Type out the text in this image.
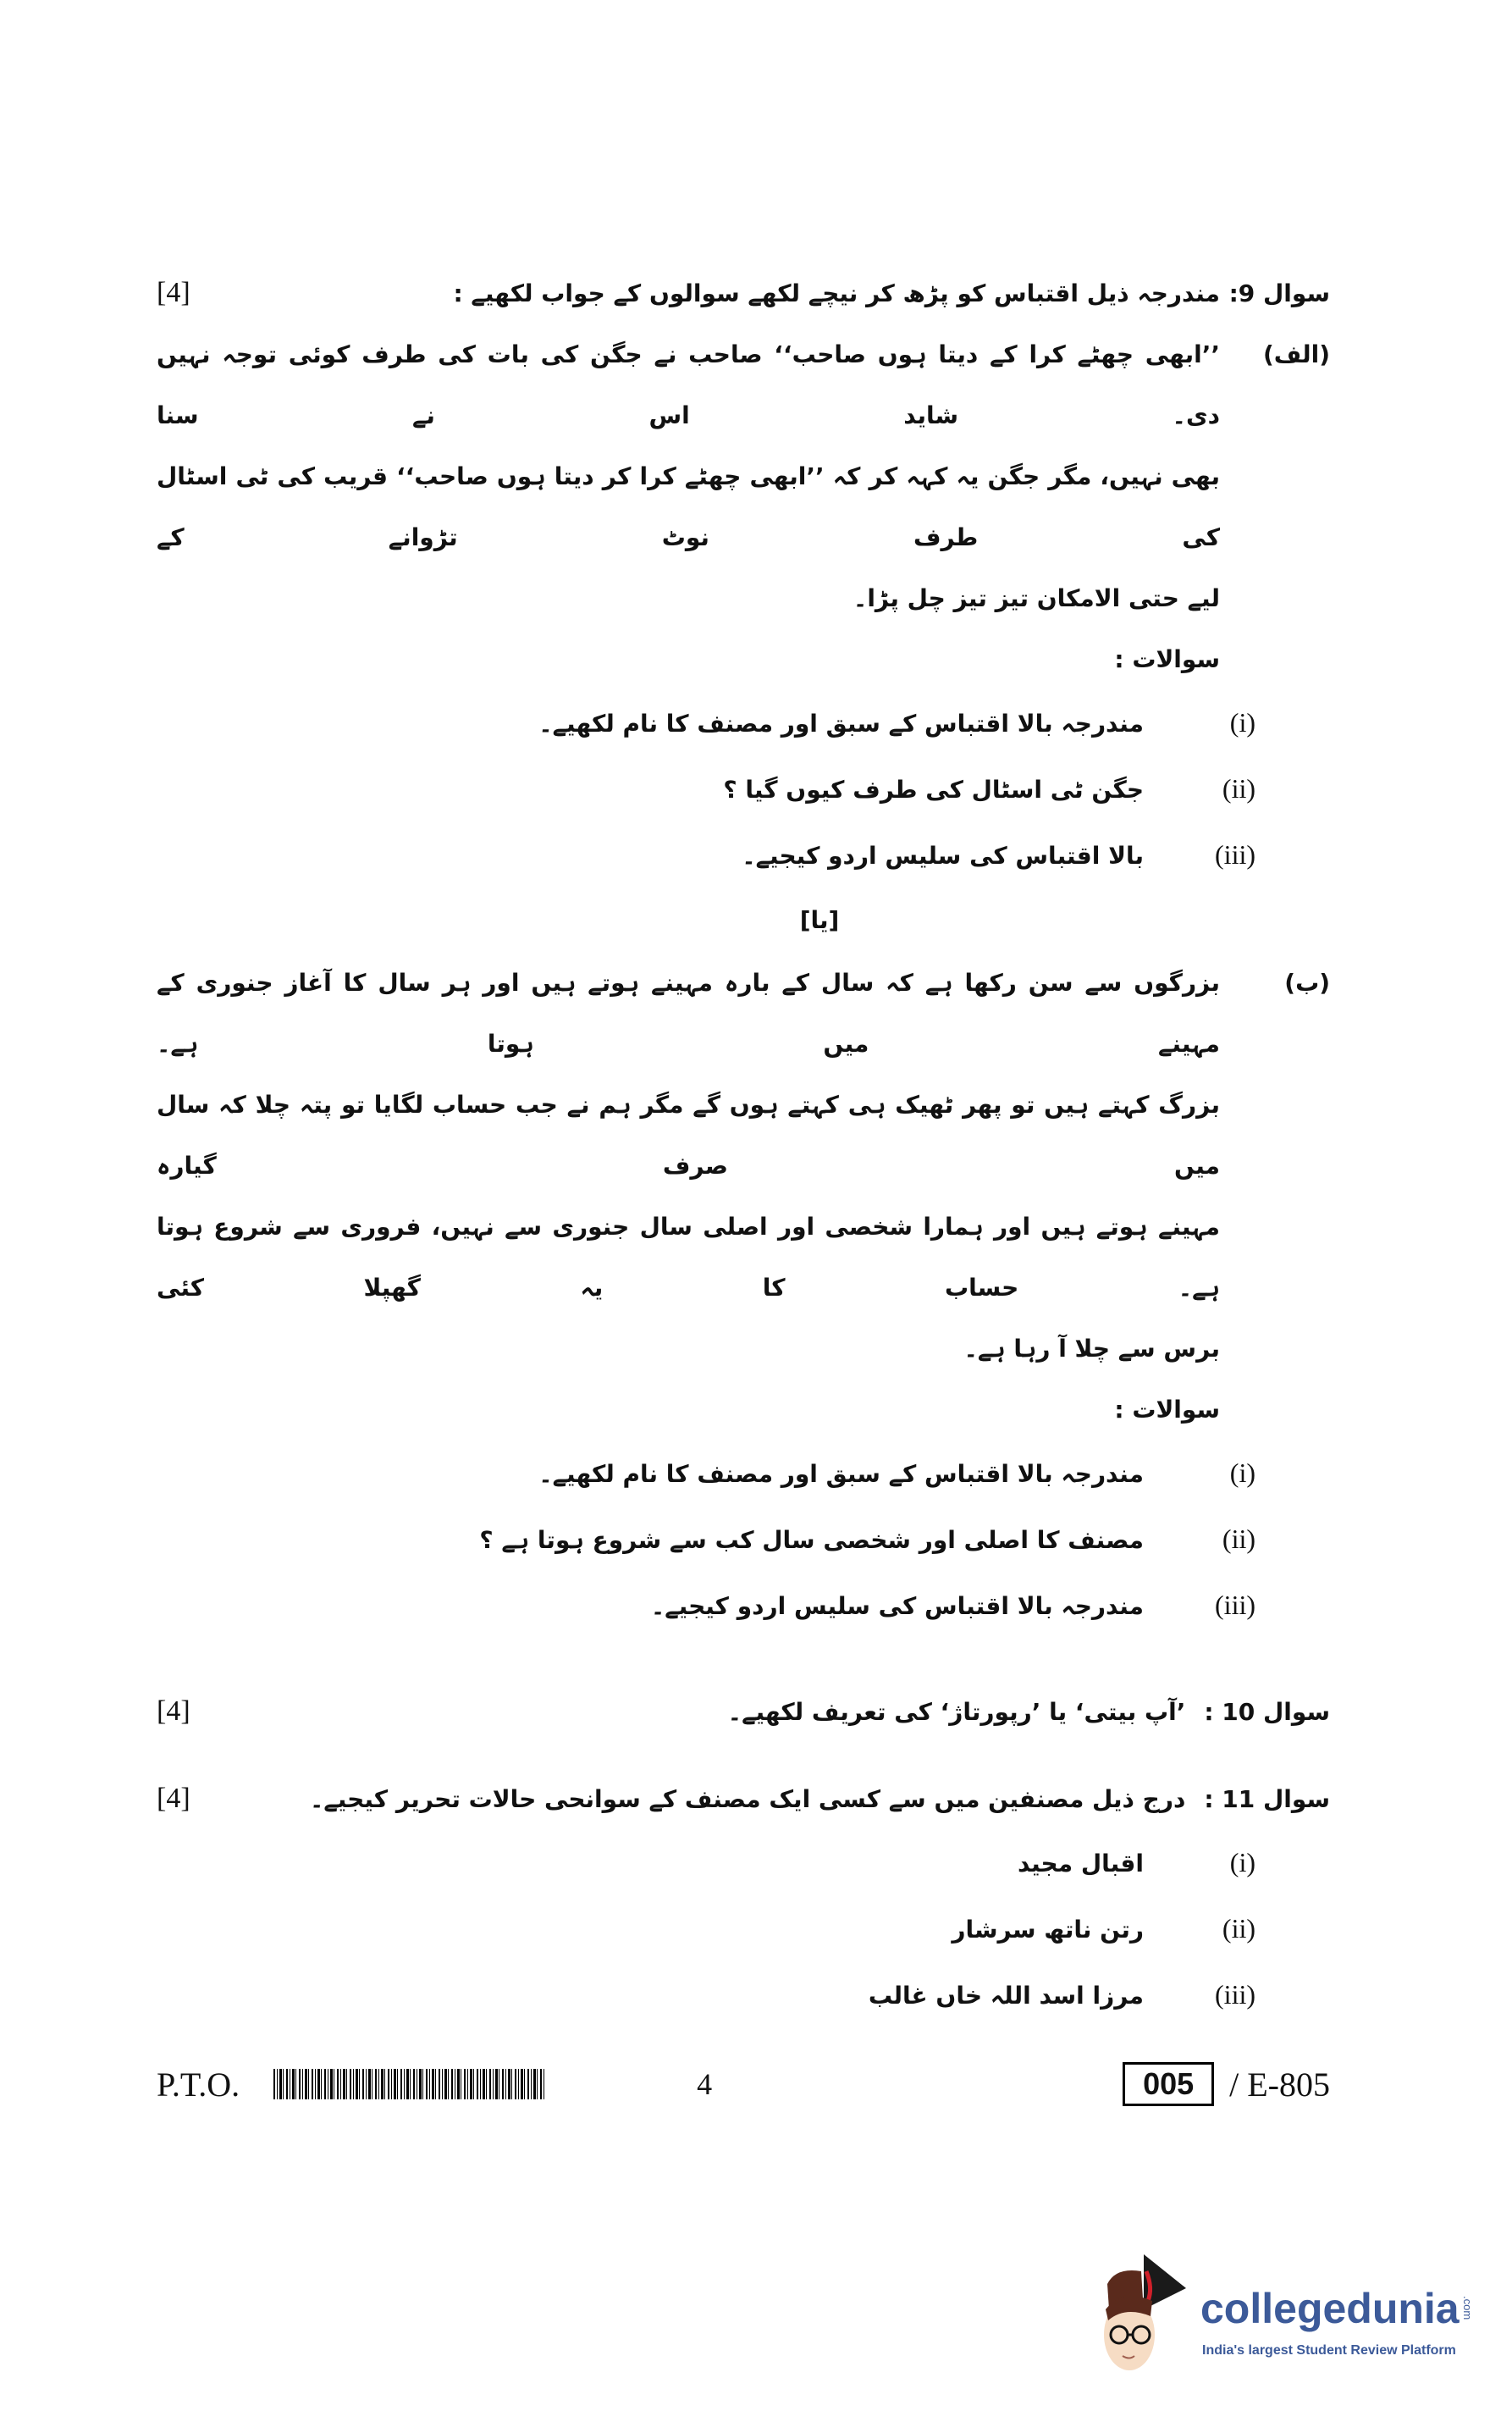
سوال 9:
مندرجہ ذیل اقتباس کو پڑھ کر نیچے لکھے سوالوں کے جواب لکھیے :
[4]
(الف)
’’ابھی چھٹے کرا کے دیتا ہوں صاحب‘‘ صاحب نے جگن کی بات کی طرف کوئی توجہ نہیں دی۔ شاید اس نے سنا
بھی نہیں، مگر جگن یہ کہہ کر کہ ’’ابھی چھٹے کرا کر دیتا ہوں صاحب‘‘ قریب کی ٹی اسٹال کی طرف نوٹ تڑوانے کے
لیے حتی الامکان تیز تیز چل پڑا۔
سوالات :
(i)
مندرجہ بالا اقتباس کے سبق اور مصنف کا نام لکھیے۔
(ii)
جگن ٹی اسٹال کی طرف کیوں گیا ؟
(iii)
بالا اقتباس کی سلیس اردو کیجیے۔
[یا]
(ب)
بزرگوں سے سن رکھا ہے کہ سال کے بارہ مہینے ہوتے ہیں اور ہر سال کا آغاز جنوری کے مہینے میں ہوتا ہے۔
بزرگ کہتے ہیں تو پھر ٹھیک ہی کہتے ہوں گے مگر ہم نے جب حساب لگایا تو پتہ چلا کہ سال میں صرف گیارہ
مہینے ہوتے ہیں اور ہمارا شخصی اور اصلی سال جنوری سے نہیں، فروری سے شروع ہوتا ہے۔ حساب کا یہ گھپلا کئی
برس سے چلا آ رہا ہے۔
سوالات :
(i)
مندرجہ بالا اقتباس کے سبق اور مصنف کا نام لکھیے۔
(ii)
مصنف کا اصلی اور شخصی سال کب سے شروع ہوتا ہے ؟
(iii)
مندرجہ بالا اقتباس کی سلیس اردو کیجیے۔
سوال 10 :
’آپ بیتی‘ یا ’رپورتاژ‘ کی تعریف لکھیے۔
[4]
سوال 11 :
درج ذیل مصنفین میں سے کسی ایک مصنف کے سوانحی حالات تحریر کیجیے۔
[4]
(i)
اقبال مجید
(ii)
رتن ناتھ سرشار
(iii)
مرزا اسد اللہ خاں غالب
P.T.O.	4	005	/ E-805
collegedunia .com
India's largest Student Review Platform
